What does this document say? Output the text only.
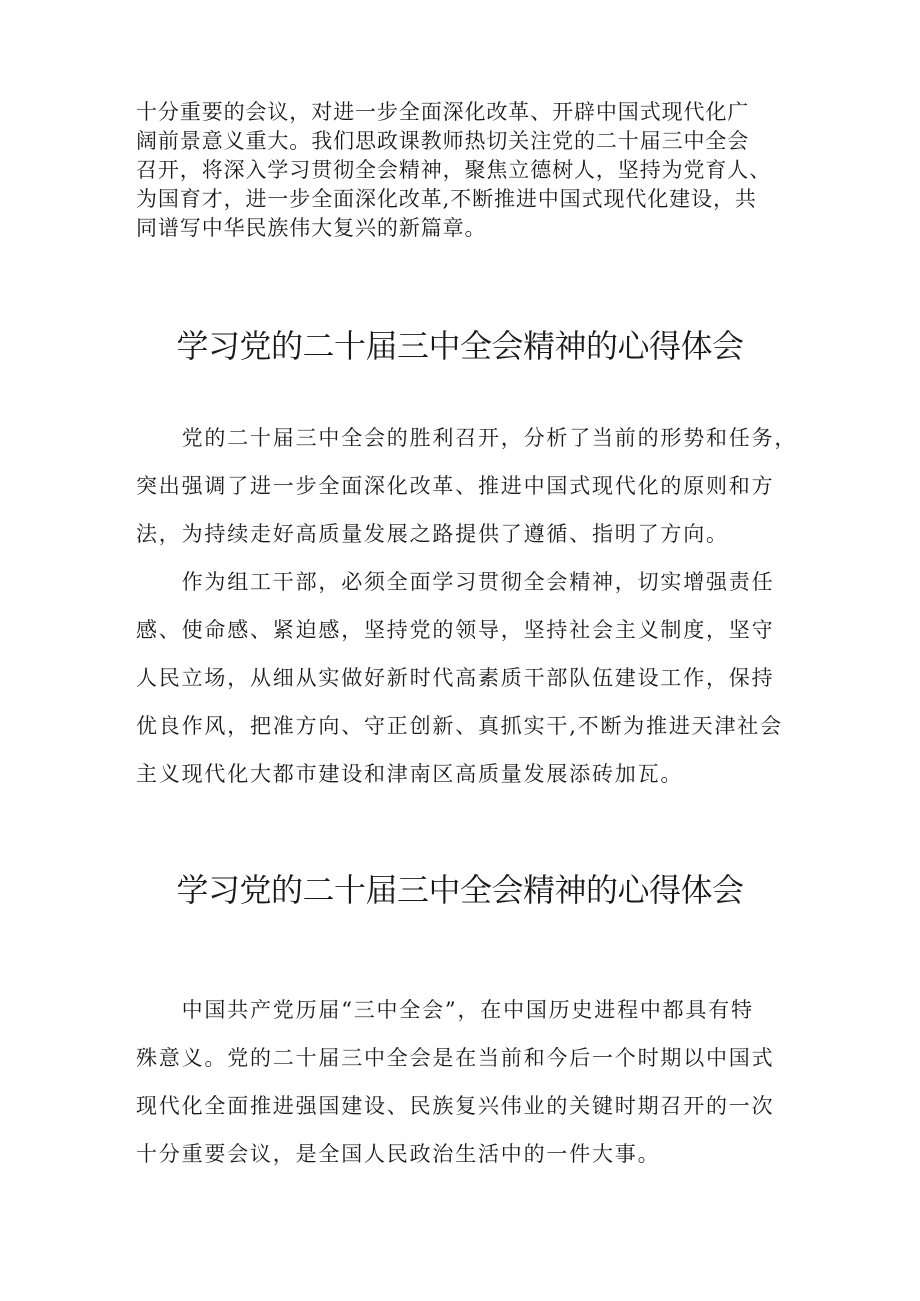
十分重要的会议，对进一步全面深化改革、开辟中国式现代化广
阔前景意义重大。我们思政课教师热切关注党的二十届三中全会
召开，将深入学习贯彻全会精神，聚焦立德树人，坚持为党育人、
为国育才，进一步全面深化改革,不断推进中国式现代化建设，共
同谱写中华民族伟大复兴的新篇章。
学习党的二十届三中全会精神的心得体会
　　党的二十届三中全会的胜利召开，分析了当前的形势和任务，
突出强调了进一步全面深化改革、推进中国式现代化的原则和方
法，为持续走好高质量发展之路提供了遵循、指明了方向。
　　作为组工干部，必须全面学习贯彻全会精神，切实增强责任
感、使命感、紧迫感，坚持党的领导，坚持社会主义制度，坚守
人民立场，从细从实做好新时代高素质干部队伍建设工作，保持
优良作风，把准方向、守正创新、真抓实干,不断为推进天津社会
主义现代化大都市建设和津南区高质量发展添砖加瓦。
学习党的二十届三中全会精神的心得体会
　　中国共产党历届“三中全会”，在中国历史进程中都具有特
殊意义。党的二十届三中全会是在当前和今后一个时期以中国式
现代化全面推进强国建设、民族复兴伟业的关键时期召开的一次
十分重要会议，是全国人民政治生活中的一件大事。
